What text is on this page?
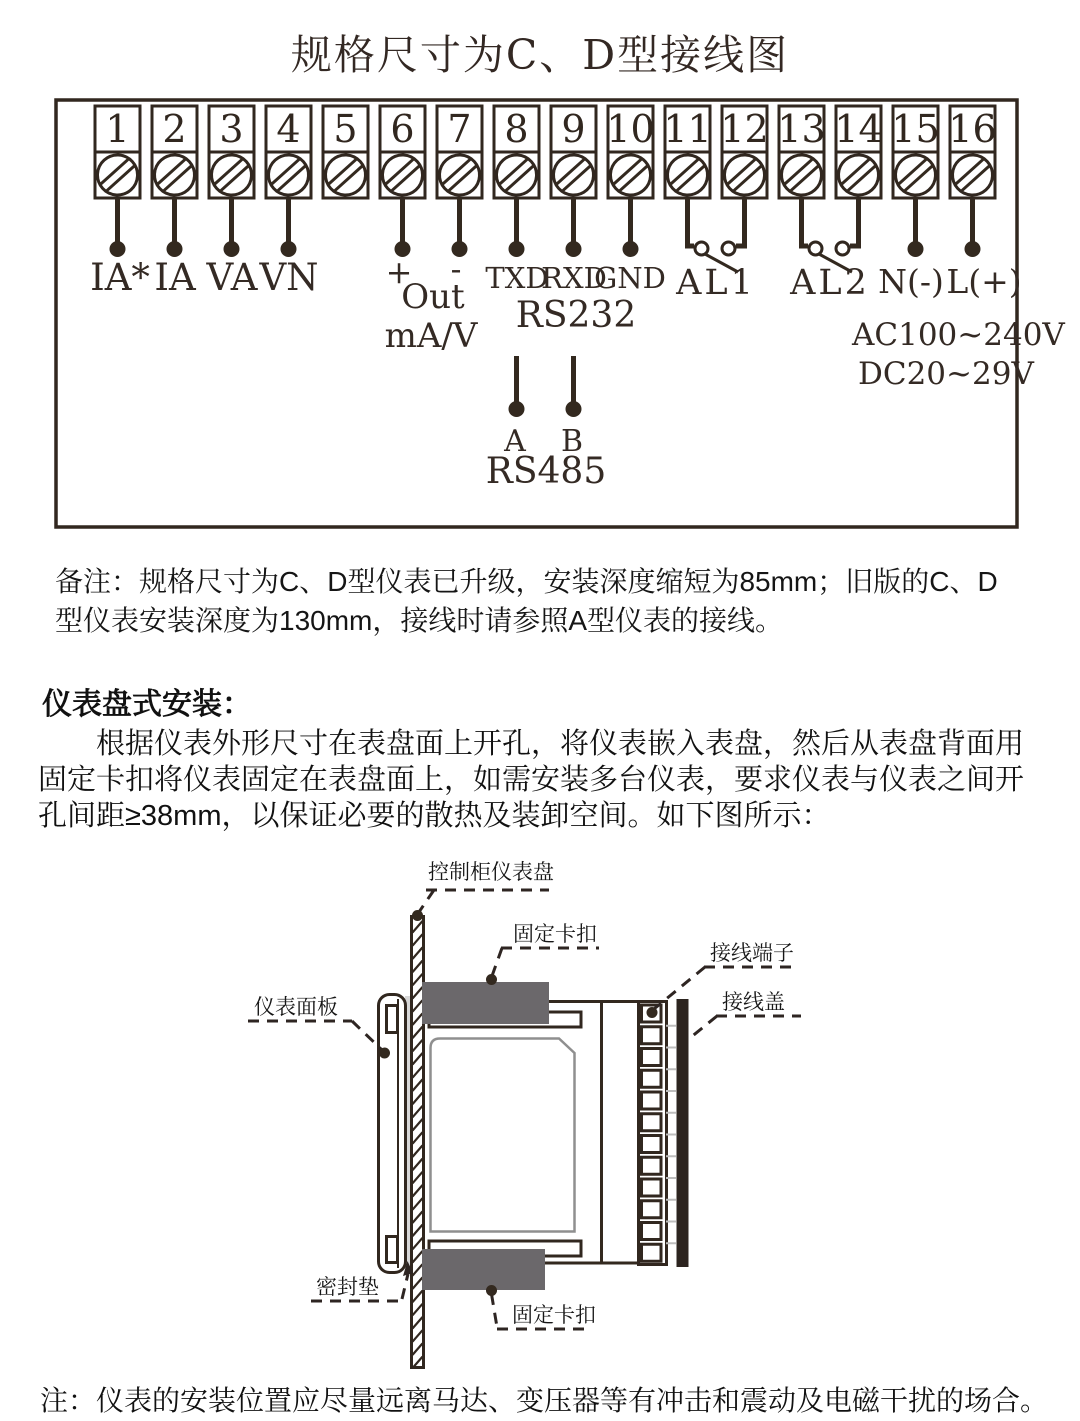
规格尺寸为C、D型接线图
1 2 3 4 5 6 7 8 9 10 11 12 13 14 15 16
IA* IA VA VN + -
Out
mA/V
TXD
RXD
GND
RS232
AL1 AL2 N(-) L(+)
AC100~240V
DC20~29V
A B
RS485
控制柜仪表盘
固定卡扣
接线端子
接线盖
仪表面板
密封垫
固定卡扣
备注：规格尺寸为C、D型仪表已升级，安装深度缩短为85mm；旧版的C、D型仪表安装深度为130mm，接线时请参照A型仪表的接线。
仪表盘式安装：
根据仪表外形尺寸在表盘面上开孔，将仪表嵌入表盘，然后从表盘背面用固定卡扣将仪表固定在表盘面上，如需安装多台仪表，要求仪表与仪表之间开孔间距≥38mm，以保证必要的散热及装卸空间。如下图所示：
注：仪表的安装位置应尽量远离马达、变压器等有冲击和震动及电磁干扰的场合。
